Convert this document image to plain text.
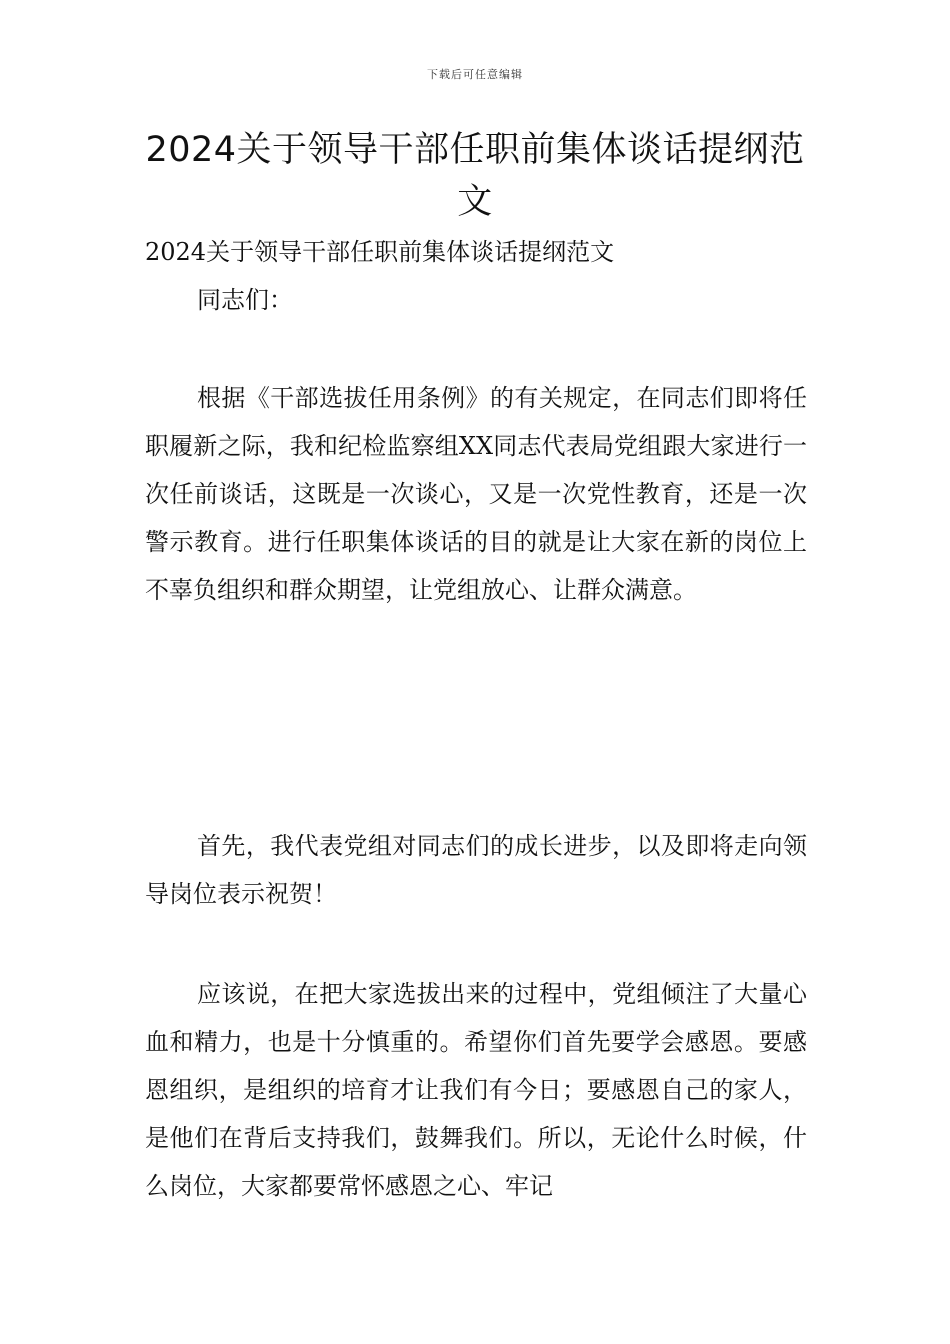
下载后可任意编辑
2024关于领导干部任职前集体谈话提纲范文

2024关于领导干部任职前集体谈话提纲范文

同志们：

根据《干部选拔任用条例》的有关规定，在同志们即将任职履新之际，我和纪检监察组XX同志代表局党组跟大家进行一次任前谈话，这既是一次谈心，又是一次党性教育，还是一次警示教育。进行任职集体谈话的目的就是让大家在新的岗位上不辜负组织和群众期望，让党组放心、让群众满意。

首先，我代表党组对同志们的成长进步，以及即将走向领导岗位表示祝贺！

应该说，在把大家选拔出来的过程中，党组倾注了大量心血和精力，也是十分慎重的。希望你们首先要学会感恩。要感恩组织，是组织的培育才让我们有今日；要感恩自己的家人，是他们在背后支持我们，鼓舞我们。所以，无论什么时候，什么岗位，大家都要常怀感恩之心、牢记
